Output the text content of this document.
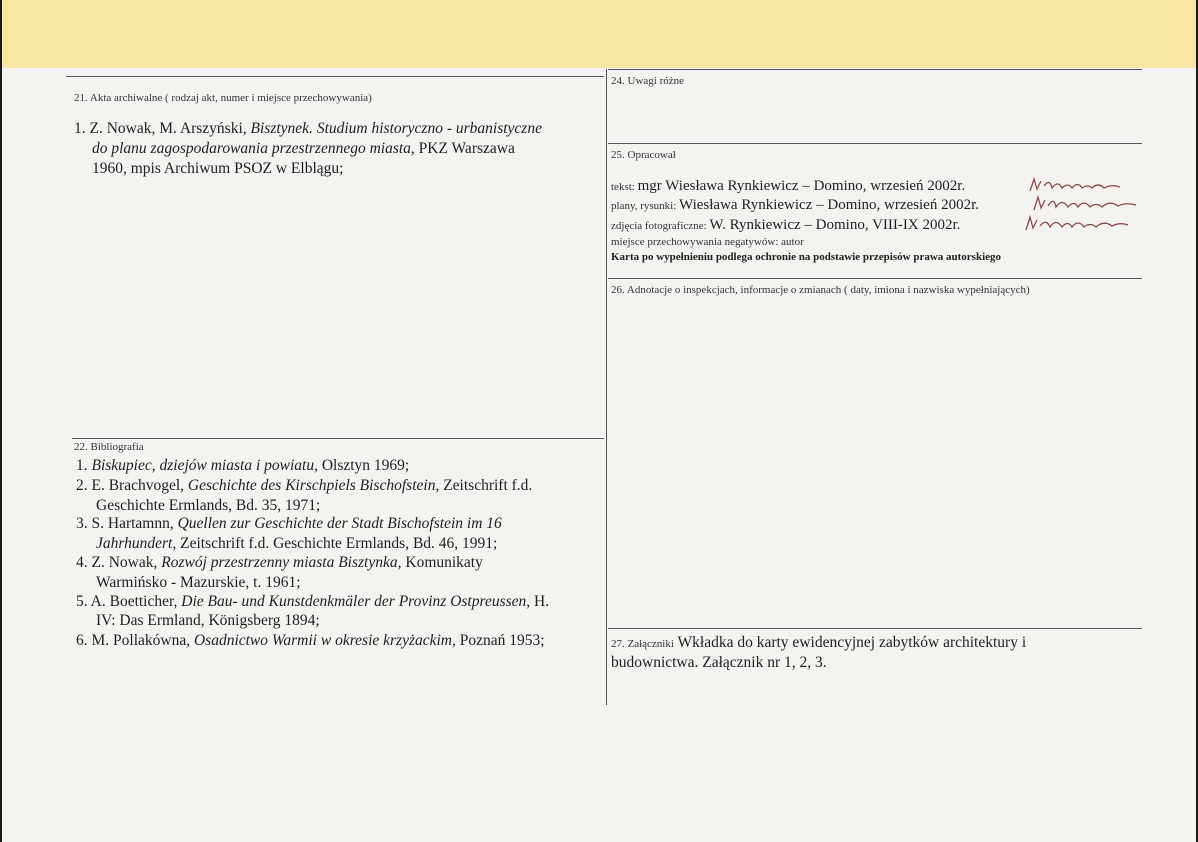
21. Akta archiwalne ( rodzaj akt, numer i miejsce przechowywania)
1. Z. Nowak, M. Arszyński, Bisztynek. Studium historyczno - urbanistyczne
do planu zagospodarowania przestrzennego miasta, PKZ Warszawa
1960, mpis Archiwum PSOZ w Elblągu;
22. Bibliografia
1. Biskupiec, dziejów miasta i powiatu, Olsztyn 1969;
2. E. Brachvogel, Geschichte des Kirschpiels Bischofstein, Zeitschrift f.d.
Geschichte Ermlands, Bd. 35, 1971;
3. S. Hartamnn, Quellen zur Geschichte der Stadt Bischofstein im 16
Jahrhundert, Zeitschrift f.d. Geschichte Ermlands, Bd. 46, 1991;
4. Z. Nowak, Rozwój przestrzenny miasta Bisztynka, Komunikaty
Warmińsko - Mazurskie, t. 1961;
5. A. Boetticher, Die Bau- und Kunstdenkmäler der Provinz Ostpreussen, H.
IV: Das Ermland, Königsberg 1894;
6. M. Pollakówna, Osadnictwo Warmii w okresie krzyżackim, Poznań 1953;
24. Uwagi różne
25. Opracował
tekst: mgr Wiesława Rynkiewicz – Domino, wrzesień 2002r.
plany, rysunki: Wiesława Rynkiewicz – Domino, wrzesień 2002r.
zdjęcia fotograficzne: W. Rynkiewicz – Domino, VIII-IX 2002r.
miejsce przechowywania negatywów: autor
Karta po wypełnieniu podlega ochronie na podstawie przepisów prawa autorskiego
26. Adnotacje o inspekcjach, informacje o zmianach ( daty, imiona i nazwiska wypełniających)
27. Załączniki Wkładka do karty ewidencyjnej zabytków architektury i
budownictwa. Załącznik nr 1, 2, 3.
